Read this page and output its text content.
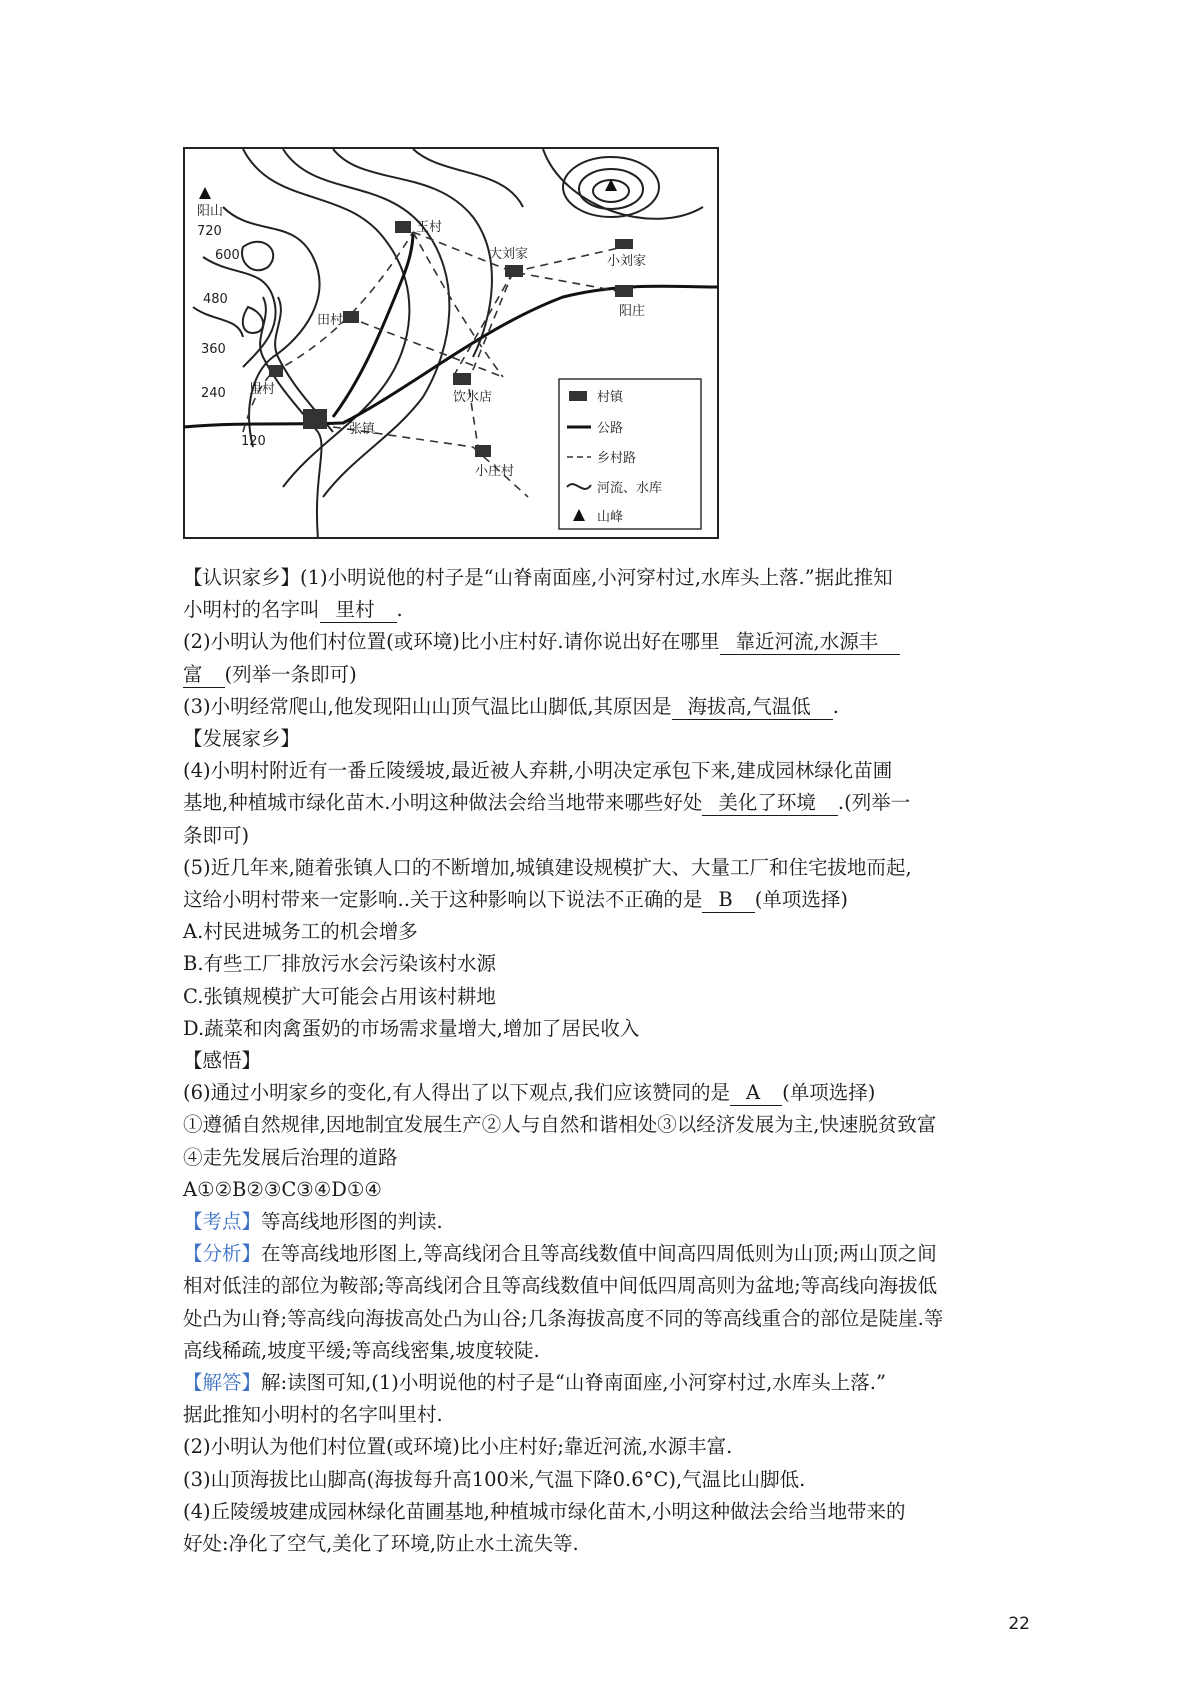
王村
大刘家	小刘家
阳庄
田村
里村
张镇
饮水店
小庄村
阳山
720
600
480
360
240
120
村镇
公路
乡村路
河流、水库
山峰

【认识家乡】(1)小明说他的村子是“山脊南面座,小河穿村过,水库头上落.”据此推知

小明村的名字叫 里村 .

(2)小明认为他们村位置(或环境)比小庄村好.请你说出好在哪里 靠近河流,水源丰

富 (列举一条即可)

(3)小明经常爬山,他发现阳山山顶气温比山脚低,其原因是 海拔高,气温低 .

【发展家乡】

(4)小明村附近有一番丘陵缓坡,最近被人弃耕,小明决定承包下来,建成园林绿化苗圃

基地,种植城市绿化苗木.小明这种做法会给当地带来哪些好处 美化了环境 .(列举一

条即可)

(5)近几年来,随着张镇人口的不断增加,城镇建设规模扩大、大量工厂和住宅拔地而起,

这给小明村带来一定影响..关于这种影响以下说法不正确的是 B (单项选择)

A.村民进城务工的机会增多

B.有些工厂排放污水会污染该村水源

C.张镇规模扩大可能会占用该村耕地

D.蔬菜和肉禽蛋奶的市场需求量增大,增加了居民收入

【感悟】

(6)通过小明家乡的变化,有人得出了以下观点,我们应该赞同的是 A (单项选择)

①遵循自然规律,因地制宜发展生产②人与自然和谐相处③以经济发展为主,快速脱贫致富

④走先发展后治理的道路

A①②B②③C③④D①④

【考点】等高线地形图的判读.

【分析】在等高线地形图上,等高线闭合且等高线数值中间高四周低则为山顶;两山顶之间

相对低洼的部位为鞍部;等高线闭合且等高线数值中间低四周高则为盆地;等高线向海拔低

处凸为山脊;等高线向海拔高处凸为山谷;几条海拔高度不同的等高线重合的部位是陡崖.等

高线稀疏,坡度平缓;等高线密集,坡度较陡.

【解答】解:读图可知,(1)小明说他的村子是“山脊南面座,小河穿村过,水库头上落.”

据此推知小明村的名字叫里村.

(2)小明认为他们村位置(或环境)比小庄村好;靠近河流,水源丰富.

(3)山顶海拔比山脚高(海拔每升高100米,气温下降0.6°C),气温比山脚低.

(4)丘陵缓坡建成园林绿化苗圃基地,种植城市绿化苗木,小明这种做法会给当地带来的

好处:净化了空气,美化了环境,防止水土流失等.

22
